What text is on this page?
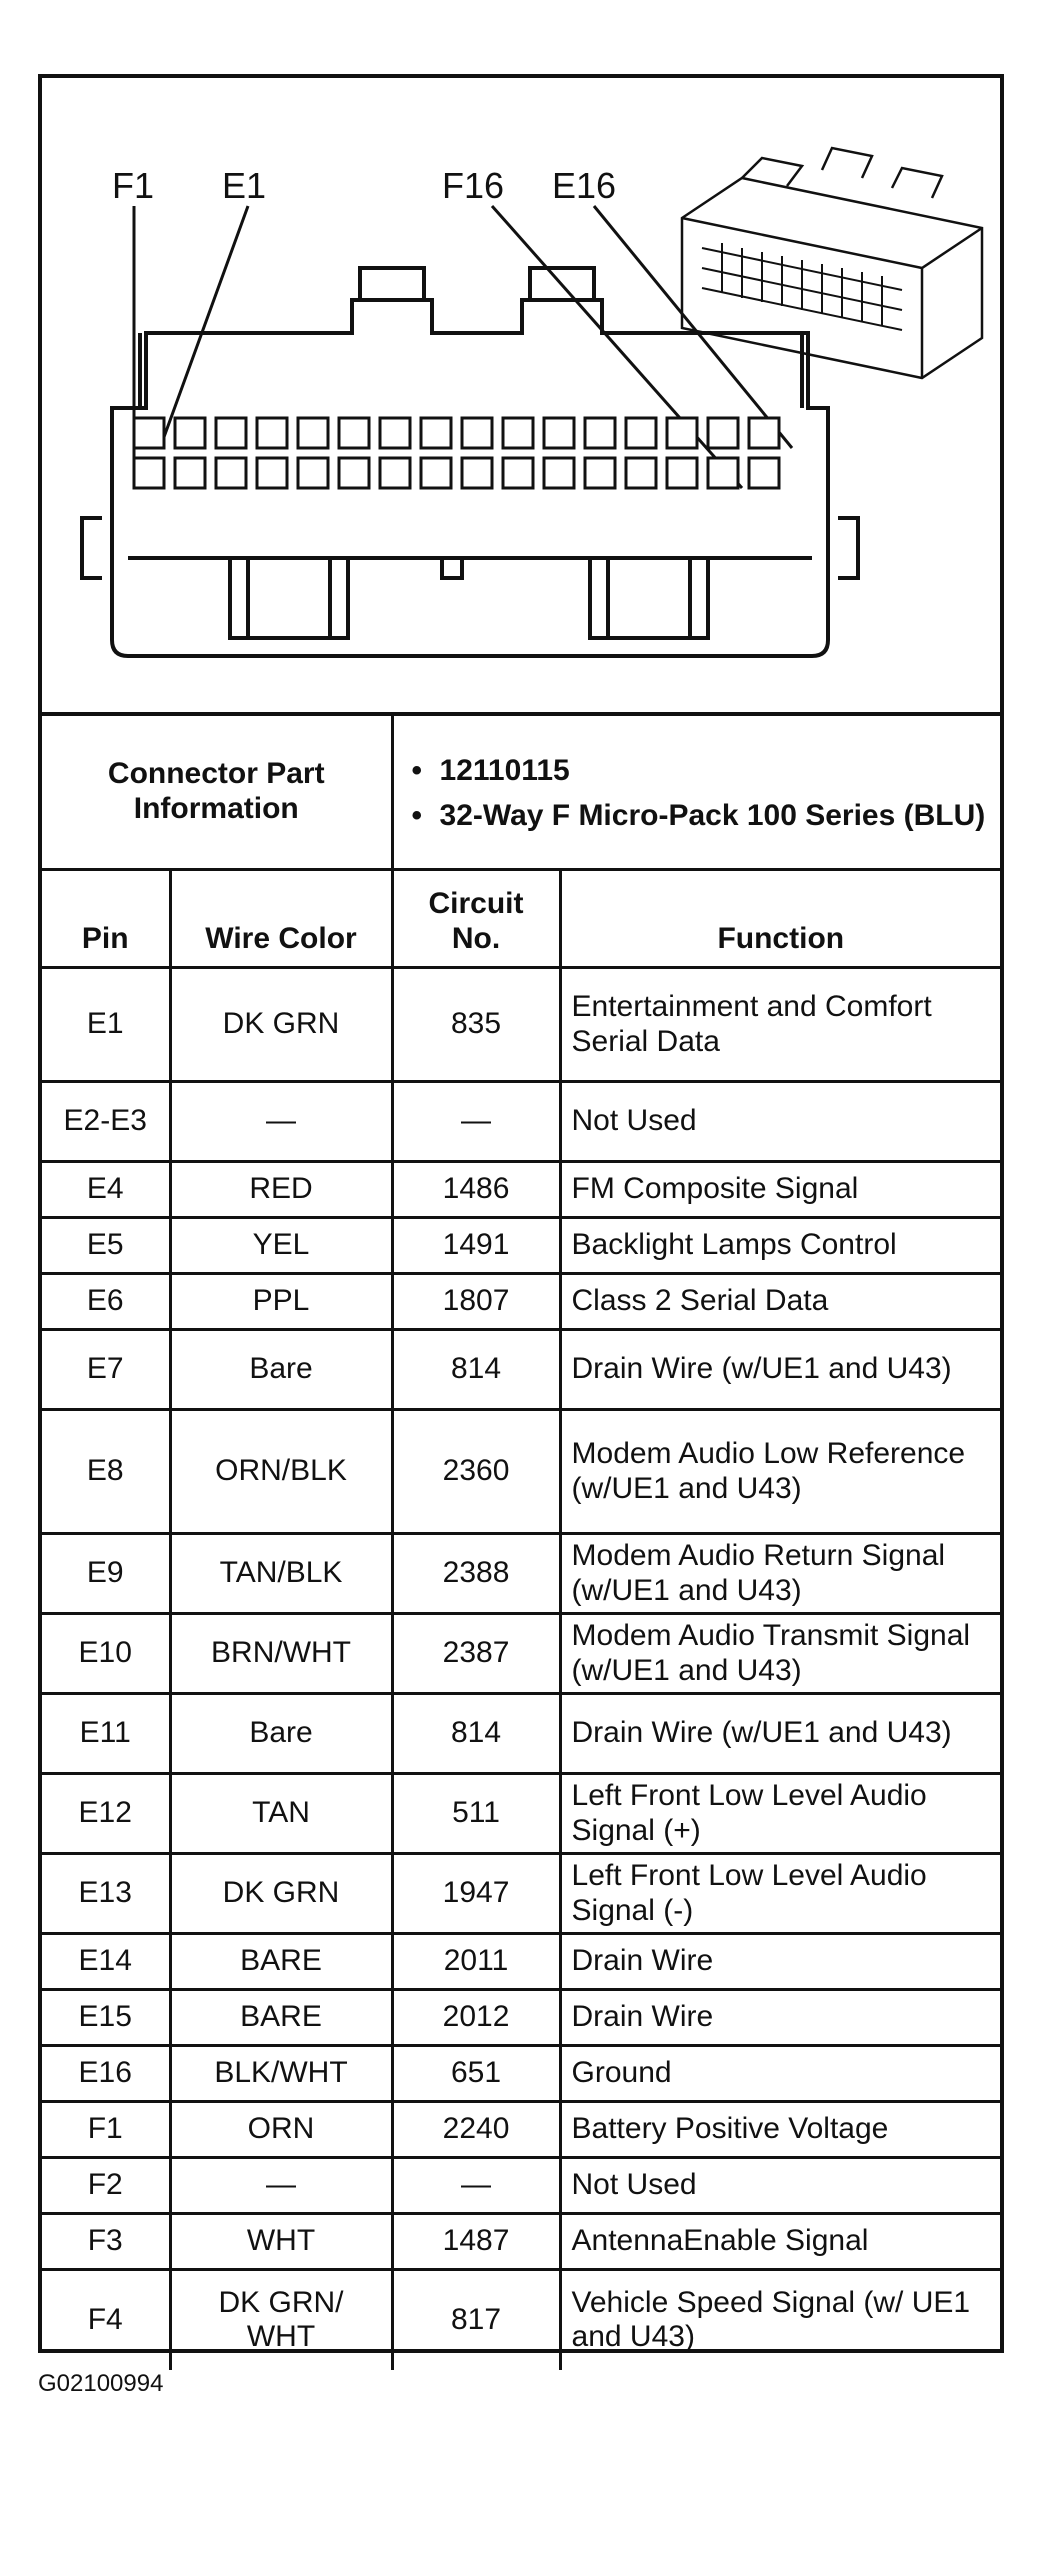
F1 E1	F16 E16
Connector Part Information		• 12110115
• 32-Way F Micro-Pack 100 Series (BLU)	

Pin	Wire Color	Circuit No.	Function
E1	DK GRN	835	Entertainment and Comfort Serial Data
E2-E3	—	—	Not Used
E4	RED	1486	FM Composite Signal
E5	YEL	1491	Backlight Lamps Control
E6	PPL	1807	Class 2 Serial Data
E7	Bare	814	Drain Wire (w/UE1 and U43)
E8	ORN/BLK	2360	Modem Audio Low Reference (w/UE1 and U43)
E9	TAN/BLK	2388	Modem Audio Return Signal (w/UE1 and U43)
E10	BRN/WHT	2387	Modem Audio Transmit Signal (w/UE1 and U43)
E11	Bare	814	Drain Wire (w/UE1 and U43)
E12	TAN	511	Left Front Low Level Audio Signal (+)
E13	DK GRN	1947	Left Front Low Level Audio Signal (-)
E14	BARE	2011	Drain Wire
E15	BARE	2012	Drain Wire
E16	BLK/WHT	651	Ground
F1	ORN	2240	Battery Positive Voltage
F2	—	—	Not Used
F3	WHT	1487	AntennaEnable Signal
F4	DK GRN/ WHT	817	Vehicle Speed Signal (w/ UE1 and U43)
G02100994
